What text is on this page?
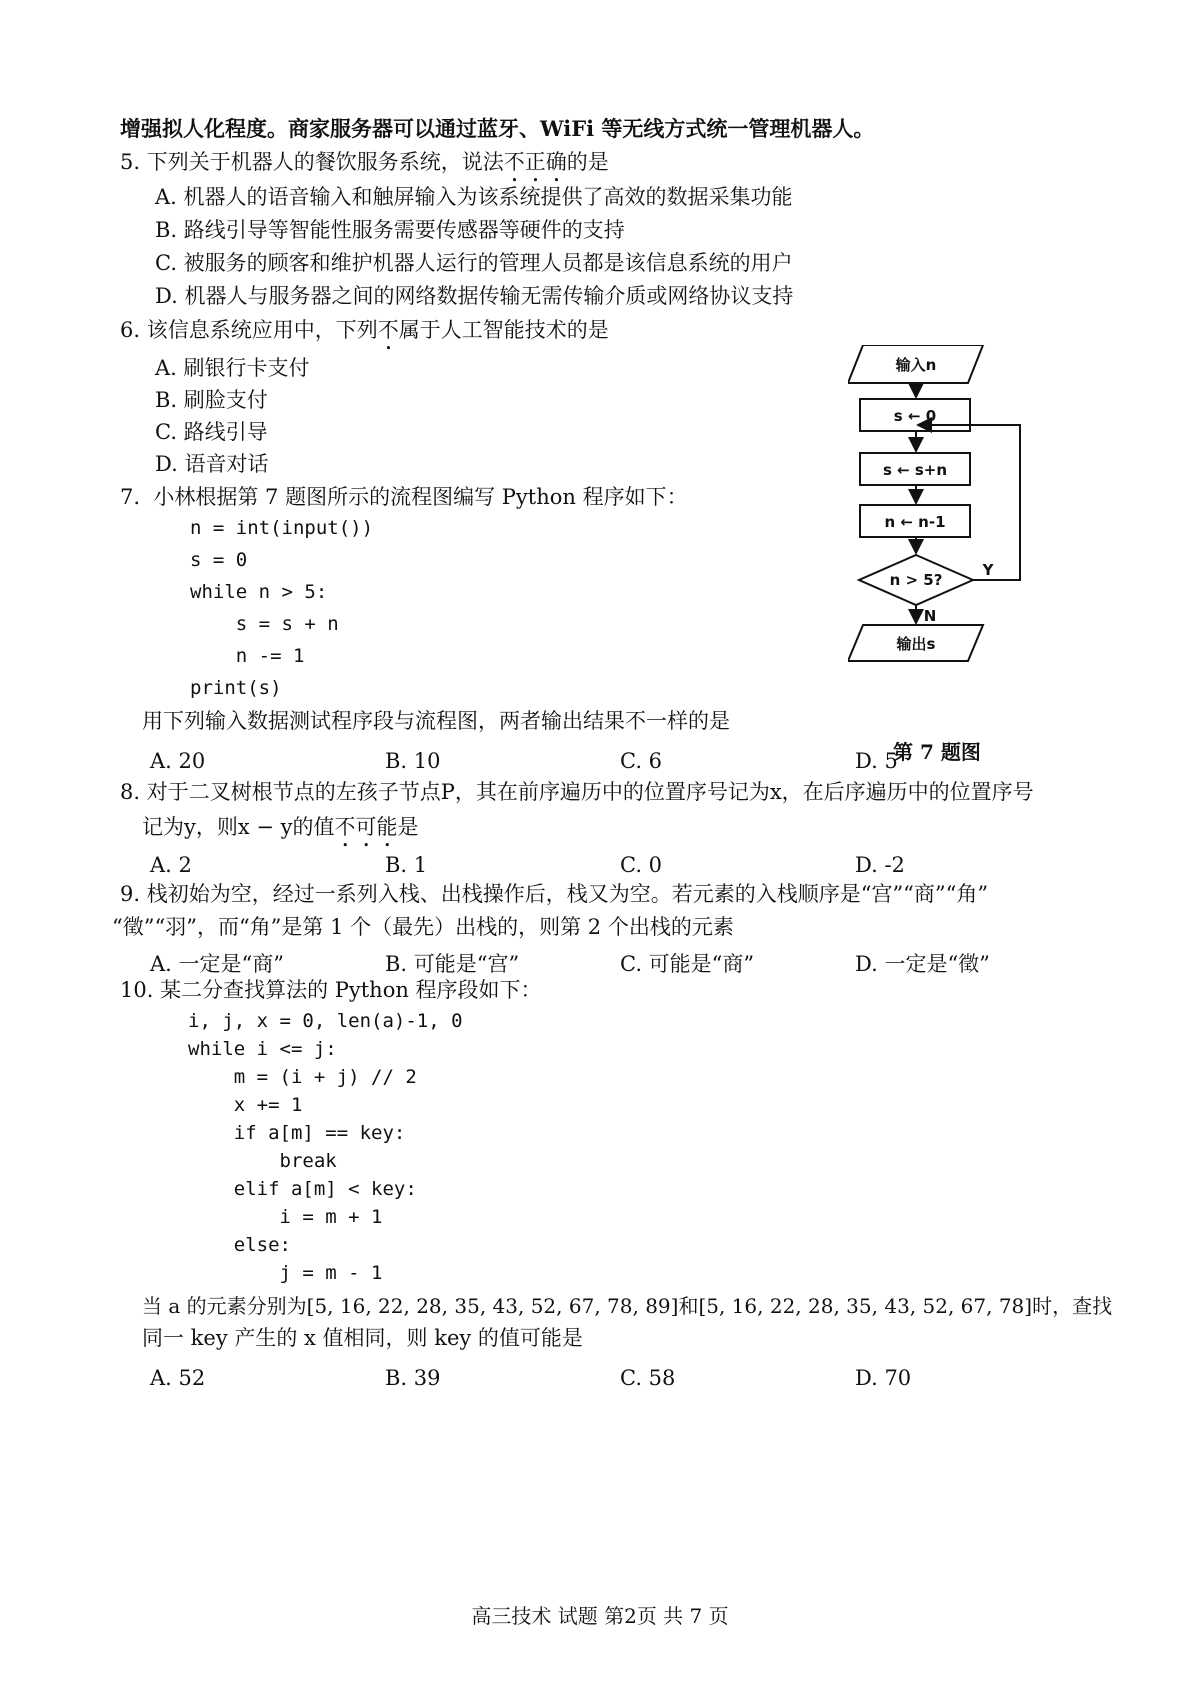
增强拟人化程度。商家服务器可以通过蓝牙、WiFi 等无线方式统一管理机器人。
5. 下列关于机器人的餐饮服务系统，说法不正确的是
A. 机器人的语音输入和触屏输入为该系统提供了高效的数据采集功能
B. 路线引导等智能性服务需要传感器等硬件的支持
C. 被服务的顾客和维护机器人运行的管理人员都是该信息系统的用户
D. 机器人与服务器之间的网络数据传输无需传输介质或网络协议支持
6. 该信息系统应用中，下列不属于人工智能技术的是
A. 刷银行卡支付
B. 刷脸支付
C. 路线引导
D. 语音对话
7.  小林根据第 7 题图所示的流程图编写 Python 程序如下：
n = int(input())
s = 0
while n > 5:
s = s + n
n -= 1
print(s)
用下列输入数据测试程序段与流程图，两者输出结果不一样的是
A. 20	B. 10	C. 6	D. 5
输入n
s ← 0
s ← s+n
n ← n-1
n > 5?
Y
N
输出s
第 7 题图
8. 对于二叉树根节点的左孩子节点P，其在前序遍历中的位置序号记为x，在后序遍历中的位置序号
记为y，则x − y的值不可能是
A. 2	B. 1	C. 0	D. -2
9. 栈初始为空，经过一系列入栈、出栈操作后，栈又为空。若元素的入栈顺序是“宫”“商”“角”
“徵”“羽”，而“角”是第 1 个（最先）出栈的，则第 2 个出栈的元素
A. 一定是“商”	B. 可能是“宫”	C. 可能是“商”	D. 一定是“徵”
10. 某二分查找算法的 Python 程序段如下：
i, j, x = 0, len(a)-1, 0
while i <= j:
m = (i + j) // 2
x += 1
if a[m] == key:
break
elif a[m] < key:
i = m + 1
else:
j = m - 1
当 a 的元素分别为[5, 16, 22, 28, 35, 43, 52, 67, 78, 89]和[5, 16, 22, 28, 35, 43, 52, 67, 78]时，查找
同一 key 产生的 x 值相同，则 key 的值可能是
A. 52	B. 39	C. 58	D. 70
高三技术 试题 第2页 共 7 页
